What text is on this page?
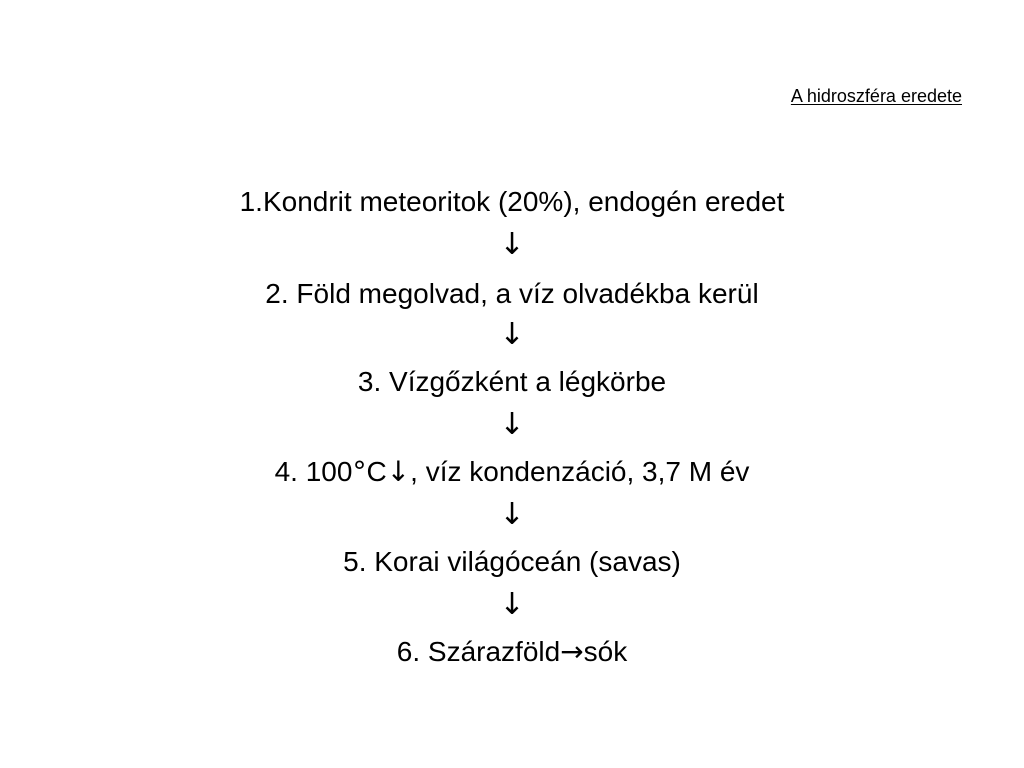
A hidroszféra eredete
1.Kondrit meteoritok (20%), endogén eredet
↓
2. Föld megolvad, a víz olvadékba kerül
↓
3. Vízgőzként a légkörbe
↓
4. 100°C↓, víz kondenzáció, 3,7 M év
↓
5. Korai világóceán (savas)
↓
6. Szárazföld→sók
